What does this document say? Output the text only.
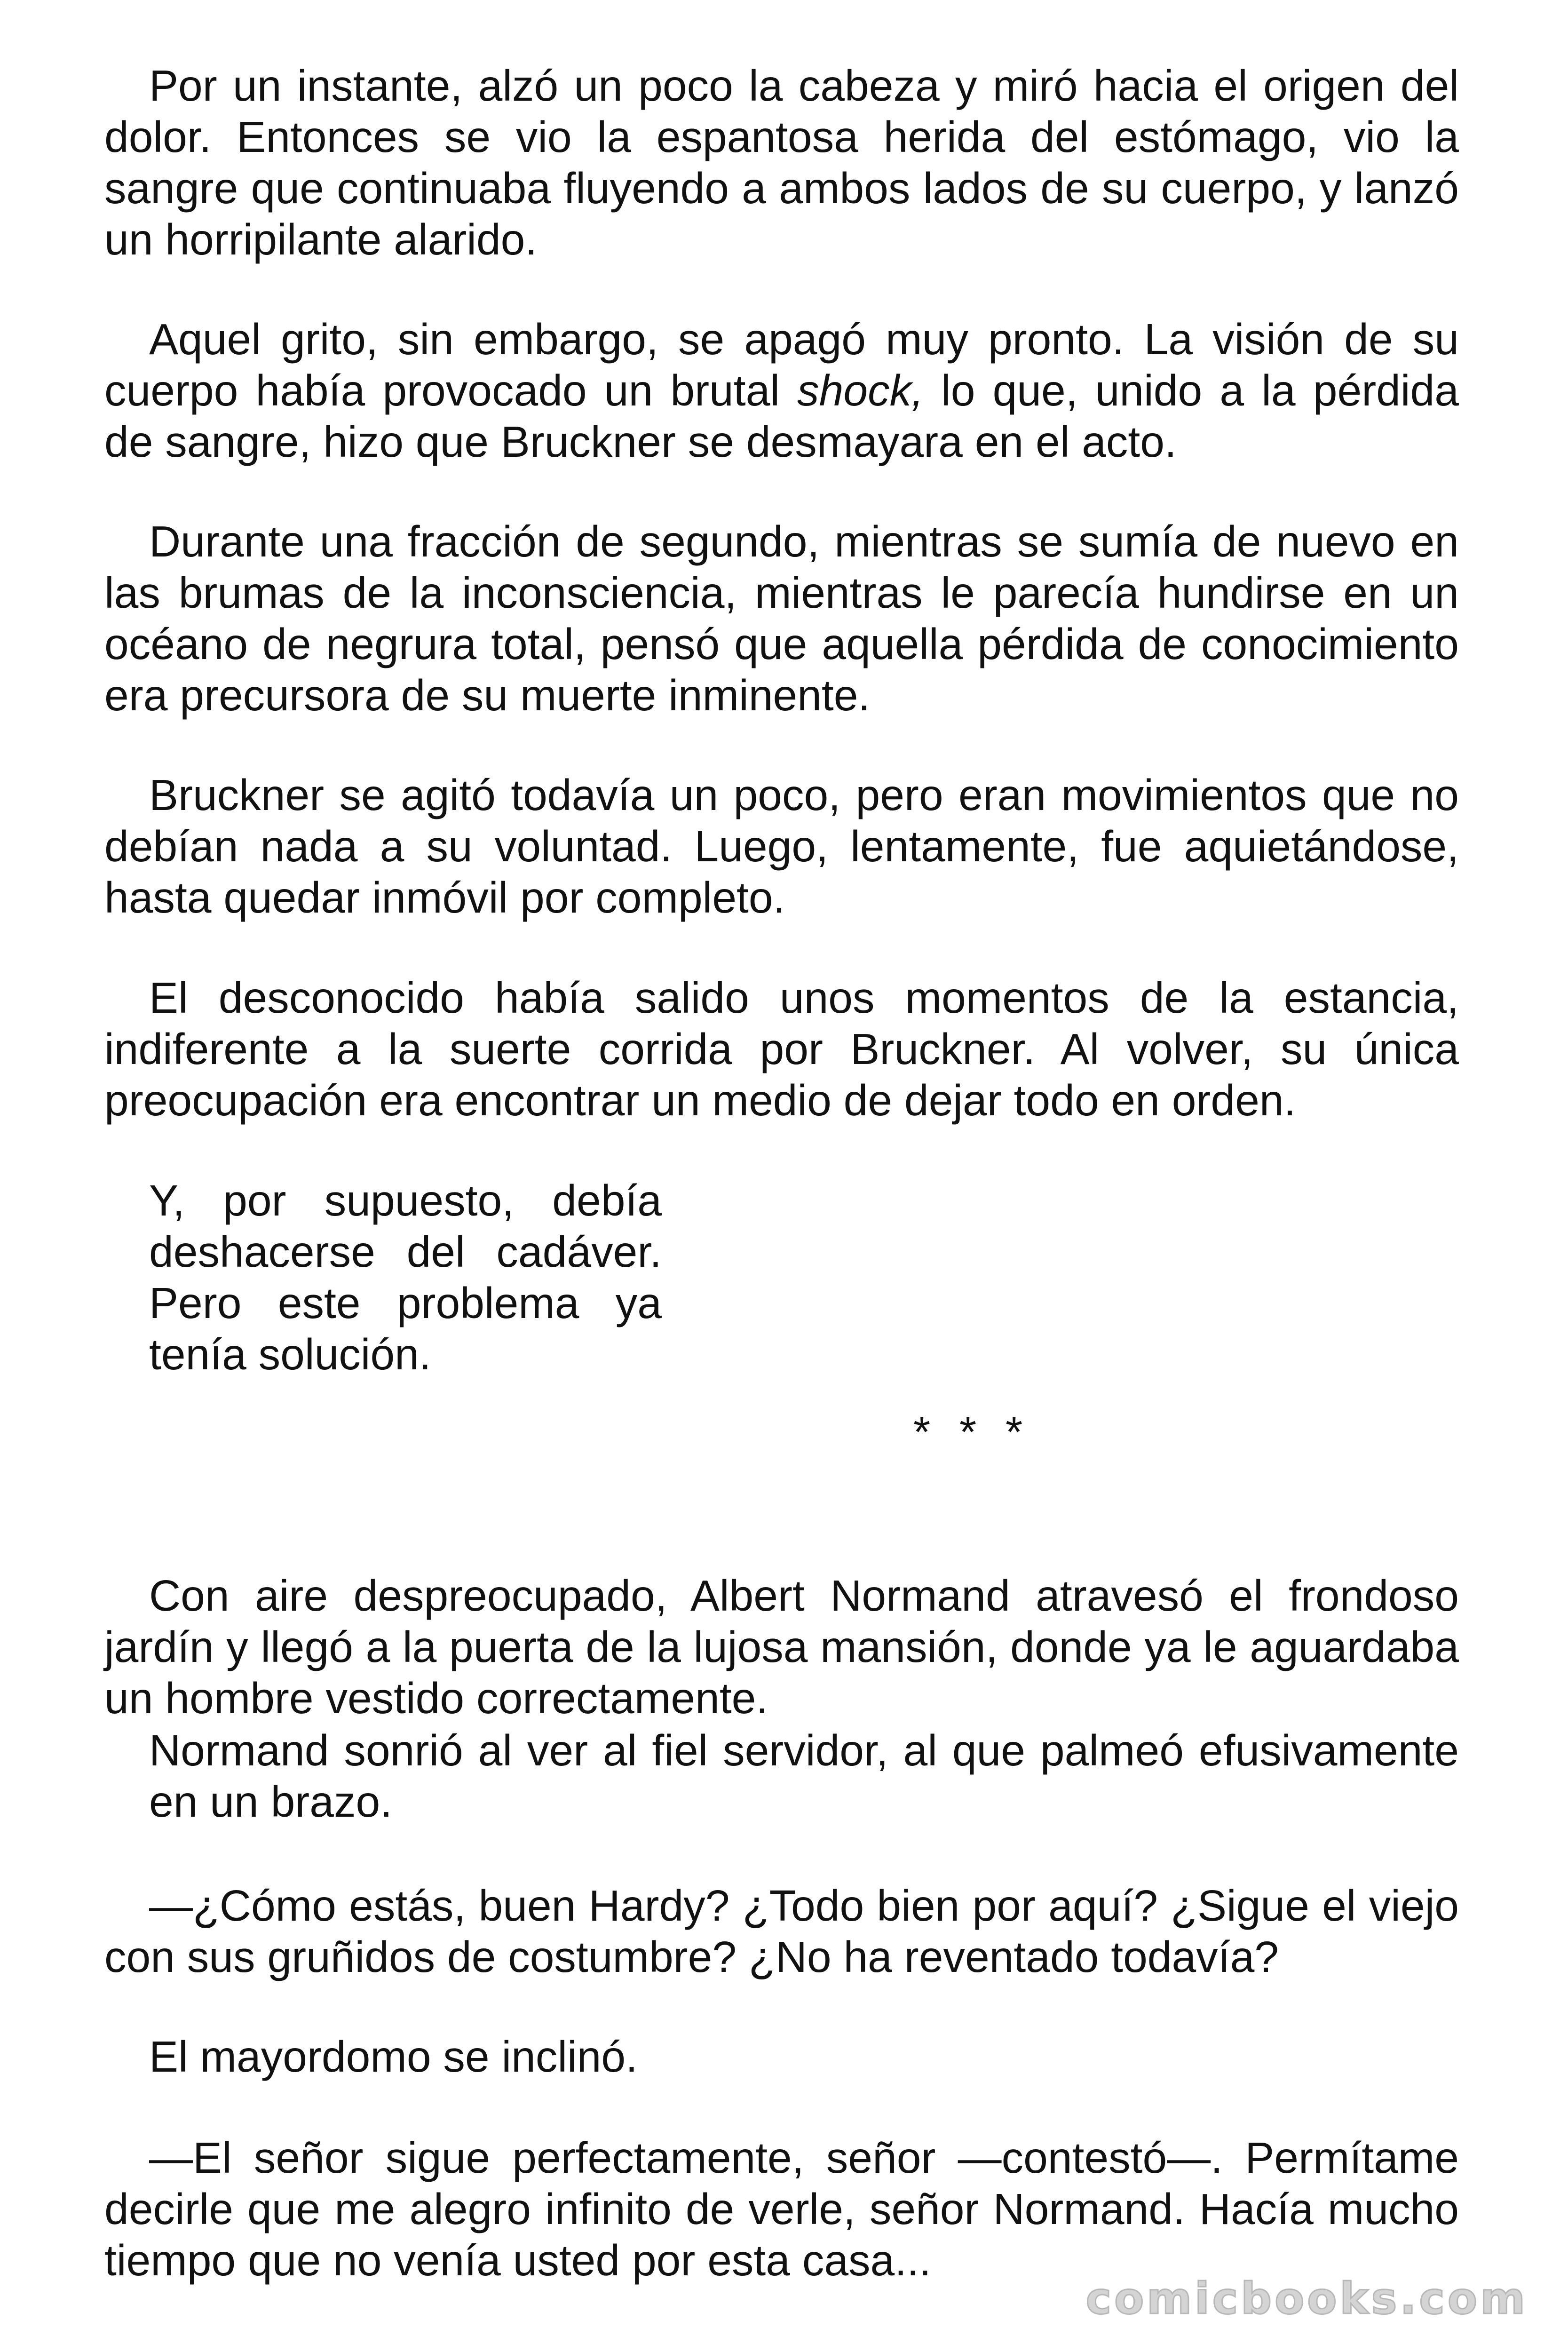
Por un instante, alzó un poco la cabeza y miró hacia el origen del dolor. Entonces se vio la espantosa herida del estómago, vio la sangre que continuaba fluyendo a ambos lados de su cuerpo, y lanzó un horripilante alarido.

Aquel grito, sin embargo, se apagó muy pronto. La visión de su cuerpo había provocado un brutal shock, lo que, unido a la pérdida de sangre, hizo que Bruckner se desmayara en el acto.

Durante una fracción de segundo, mientras se sumía de nuevo en las brumas de la inconsciencia, mientras le parecía hundirse en un océano de negrura total, pensó que aquella pérdida de conocimiento era precursora de su muerte inminente.

Bruckner se agitó todavía un poco, pero eran movimientos que no debían nada a su voluntad. Luego, lentamente, fue aquietándose, hasta quedar inmóvil por completo.

El desconocido había salido unos momentos de la estancia, indiferente a la suerte corrida por Bruckner. Al volver, su única preocupación era encontrar un medio de dejar todo en orden.

Y, por supuesto, debía deshacerse del cadáver. Pero este problema ya tenía solución.

* * *

Con aire despreocupado, Albert Normand atravesó el frondoso jardín y llegó a la puerta de la lujosa mansión, donde ya le aguardaba un hombre vestido correctamente.

Normand sonrió al ver al fiel servidor, al que palmeó efusivamente en un brazo.

—¿Cómo estás, buen Hardy? ¿Todo bien por aquí? ¿Sigue el viejo con sus gruñidos de costumbre? ¿No ha reventado todavía?

El mayordomo se inclinó.

—El señor sigue perfectamente, señor —contestó—. Permítame decirle que me alegro infinito de verle, señor Normand. Hacía mucho tiempo que no venía usted por esta casa...

comicbooks.com
